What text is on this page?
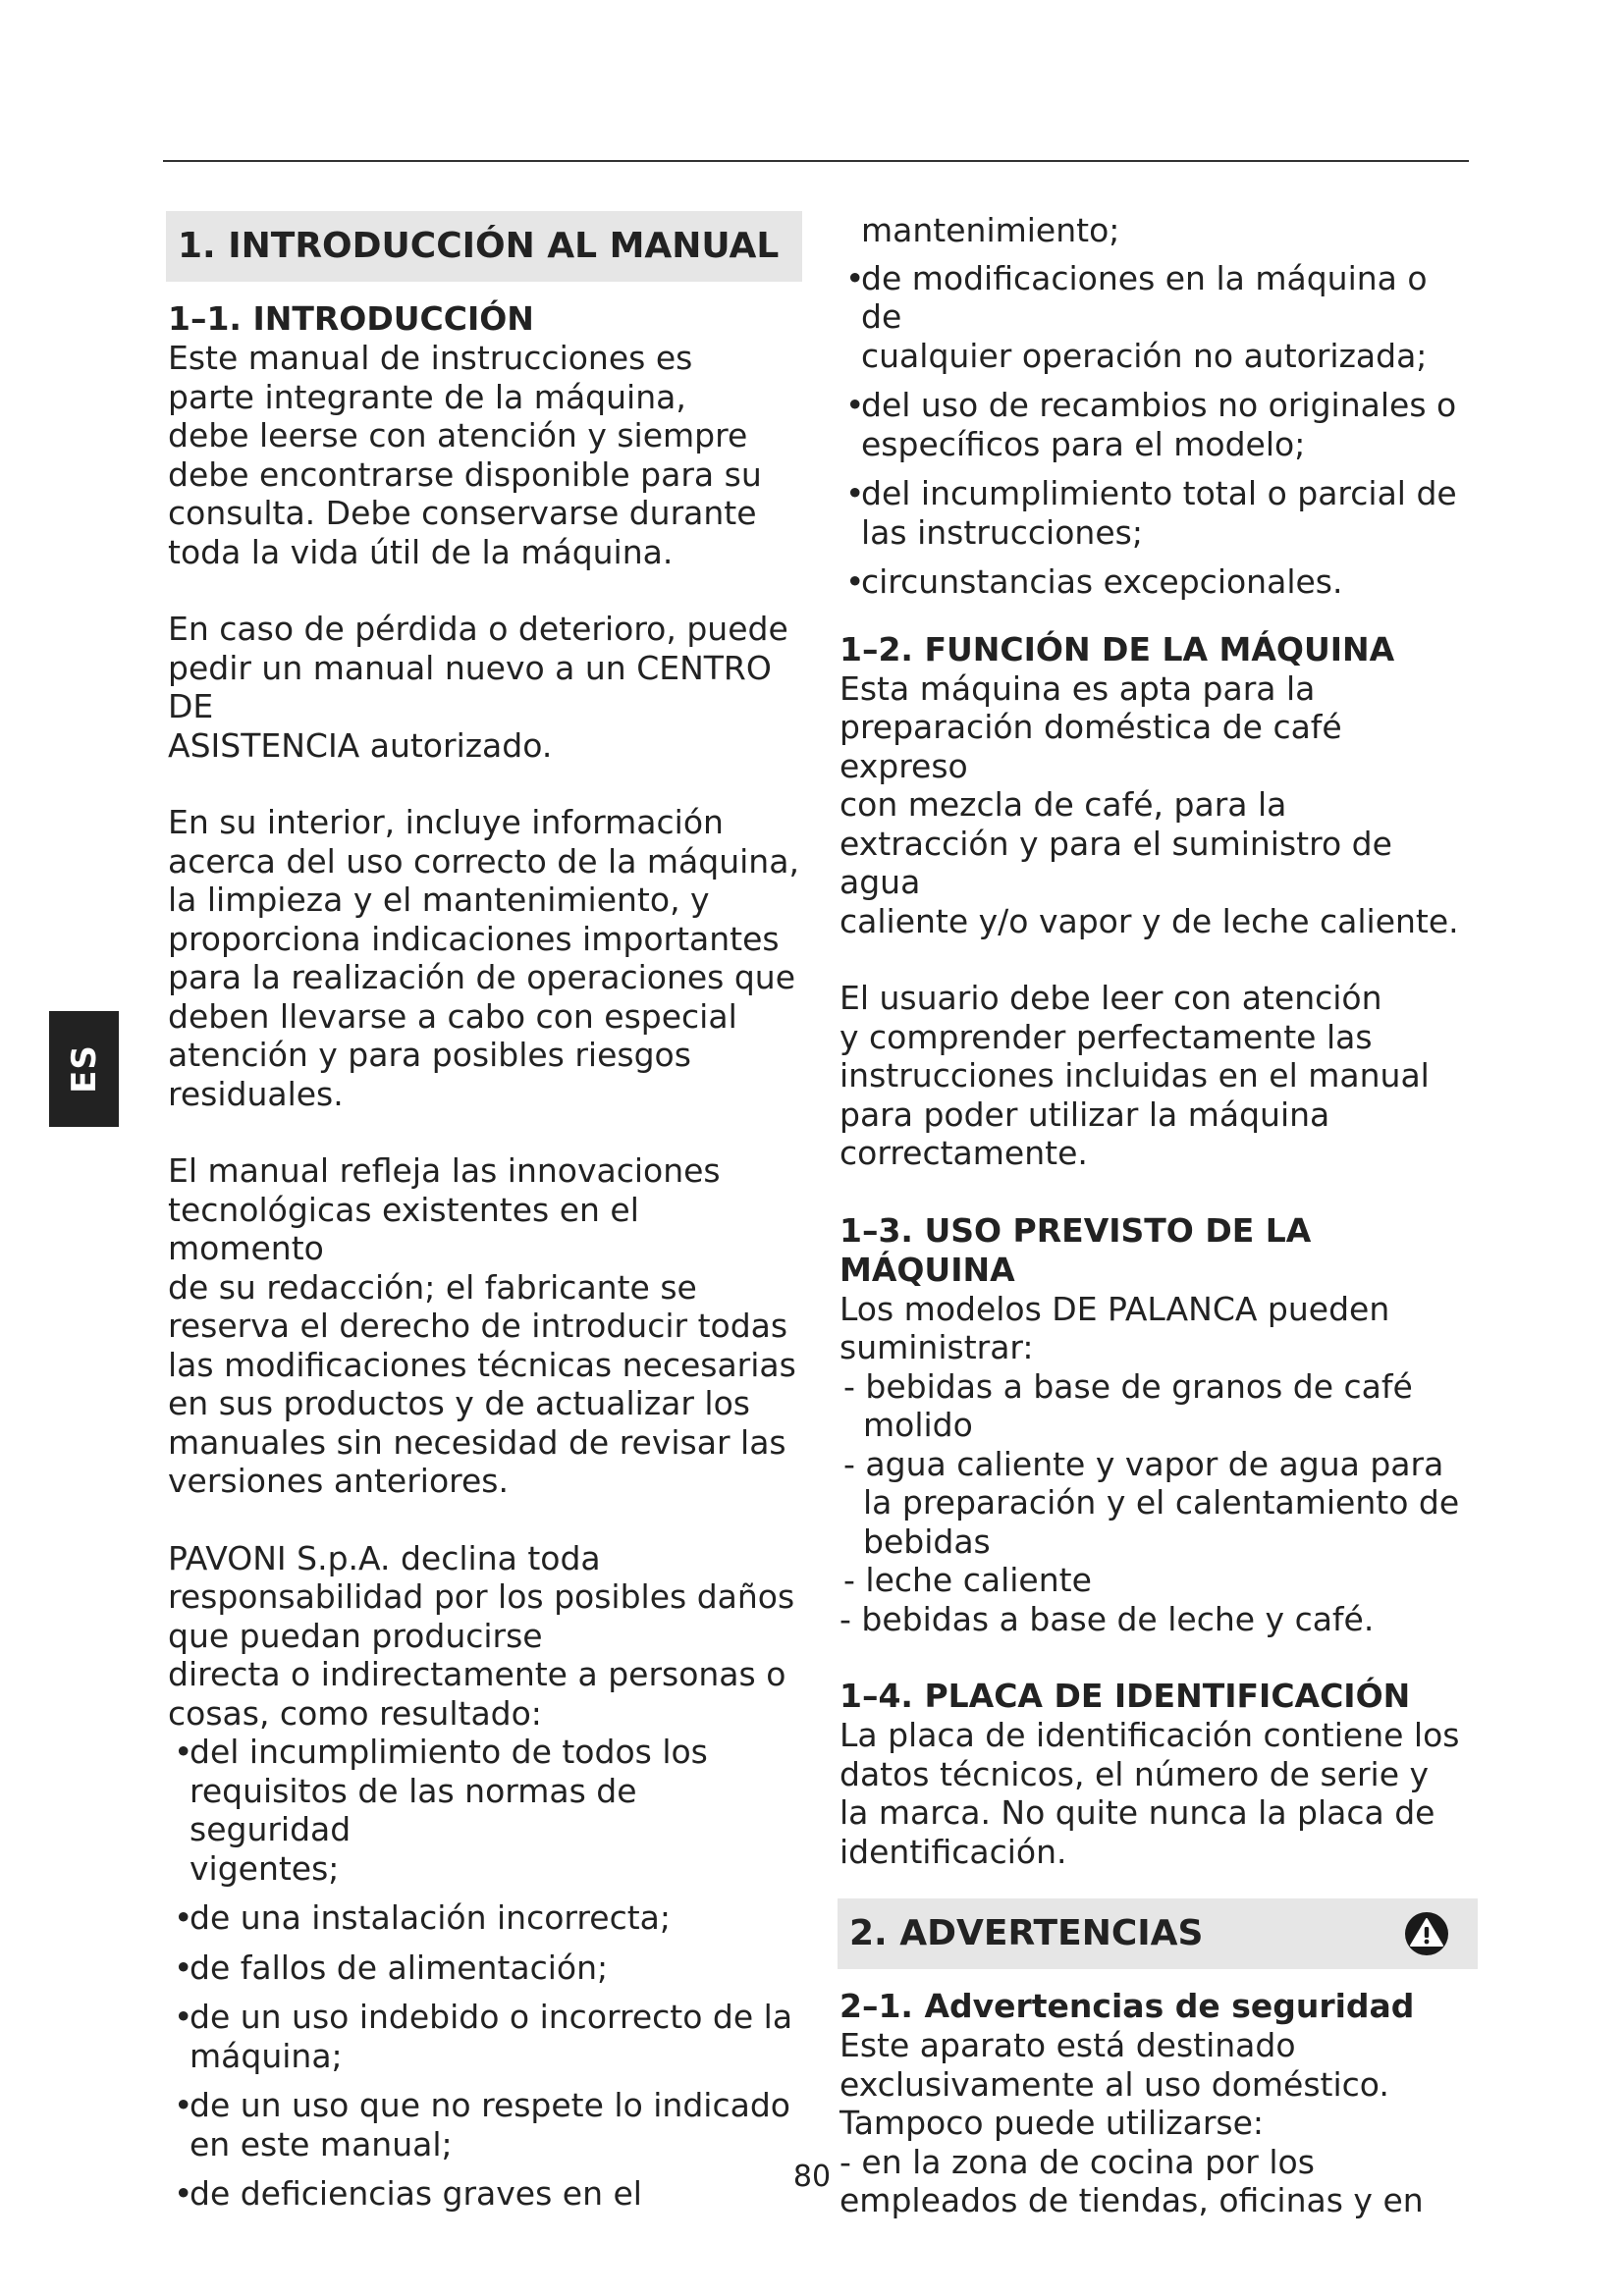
ES
1. INTRODUCCIÓN AL MANUAL
1–1. INTRODUCCIÓN

Este manual de instrucciones es

parte integrante de la máquina,

debe leerse con atención y siempre

debe encontrarse disponible para su

consulta. Debe conservarse durante

toda la vida útil de la máquina.

En caso de pérdida o deterioro, puede

pedir un manual nuevo a un CENTRO DE

ASISTENCIA autorizado.

En su interior, incluye información

acerca del uso correcto de la máquina,

la limpieza y el mantenimiento, y

proporciona indicaciones importantes

para la realización de operaciones que

deben llevarse a cabo con especial

atención y para posibles riesgos

residuales.

El manual refleja las innovaciones

tecnológicas existentes en el momento

de su redacción; el fabricante se

reserva el derecho de introducir todas

las modificaciones técnicas necesarias

en sus productos y de actualizar los

manuales sin necesidad de revisar las

versiones anteriores.

PAVONI S.p.A. declina toda

responsabilidad por los posibles daños

que puedan producirse

directa o indirectamente a personas o

cosas, como resultado:

• del incumplimiento de todos los
requisitos de las normas de seguridad
vigentes;
• de una instalación incorrecta;
• de fallos de alimentación;
• de un uso indebido o incorrecto de la
máquina;
• de un uso que no respete lo indicado
en este manual;
• de deficiencias graves en el

mantenimiento;

• de modificaciones en la máquina o de
cualquier operación no autorizada;
• del uso de recambios no originales o
específicos para el modelo;
• del incumplimiento total o parcial de
las instrucciones;
• circunstancias excepcionales.
1–2. FUNCIÓN DE LA MÁQUINA

Esta máquina es apta para la

preparación doméstica de café expreso

con mezcla de café, para la

extracción y para el suministro de agua

caliente y/o vapor y de leche caliente.

El usuario debe leer con atención

y comprender perfectamente las

instrucciones incluidas en el manual

para poder utilizar la máquina

correctamente.

1–3. USO PREVISTO DE LA MÁQUINA

Los modelos DE PALANCA pueden

suministrar:

- bebidas a base de granos de café
molido
- agua caliente y vapor de agua para
la preparación y el calentamiento de
bebidas
- leche caliente

- bebidas a base de leche y café.

1–4. PLACA DE IDENTIFICACIÓN

La placa de identificación contiene los

datos técnicos, el número de serie y

la marca. No quite nunca la placa de

identificación.

2. ADVERTENCIAS
2–1. Advertencias de seguridad

Este aparato está destinado

exclusivamente al uso doméstico.

Tampoco puede utilizarse:

- en la zona de cocina por los

empleados de tiendas, oficinas y en

80
